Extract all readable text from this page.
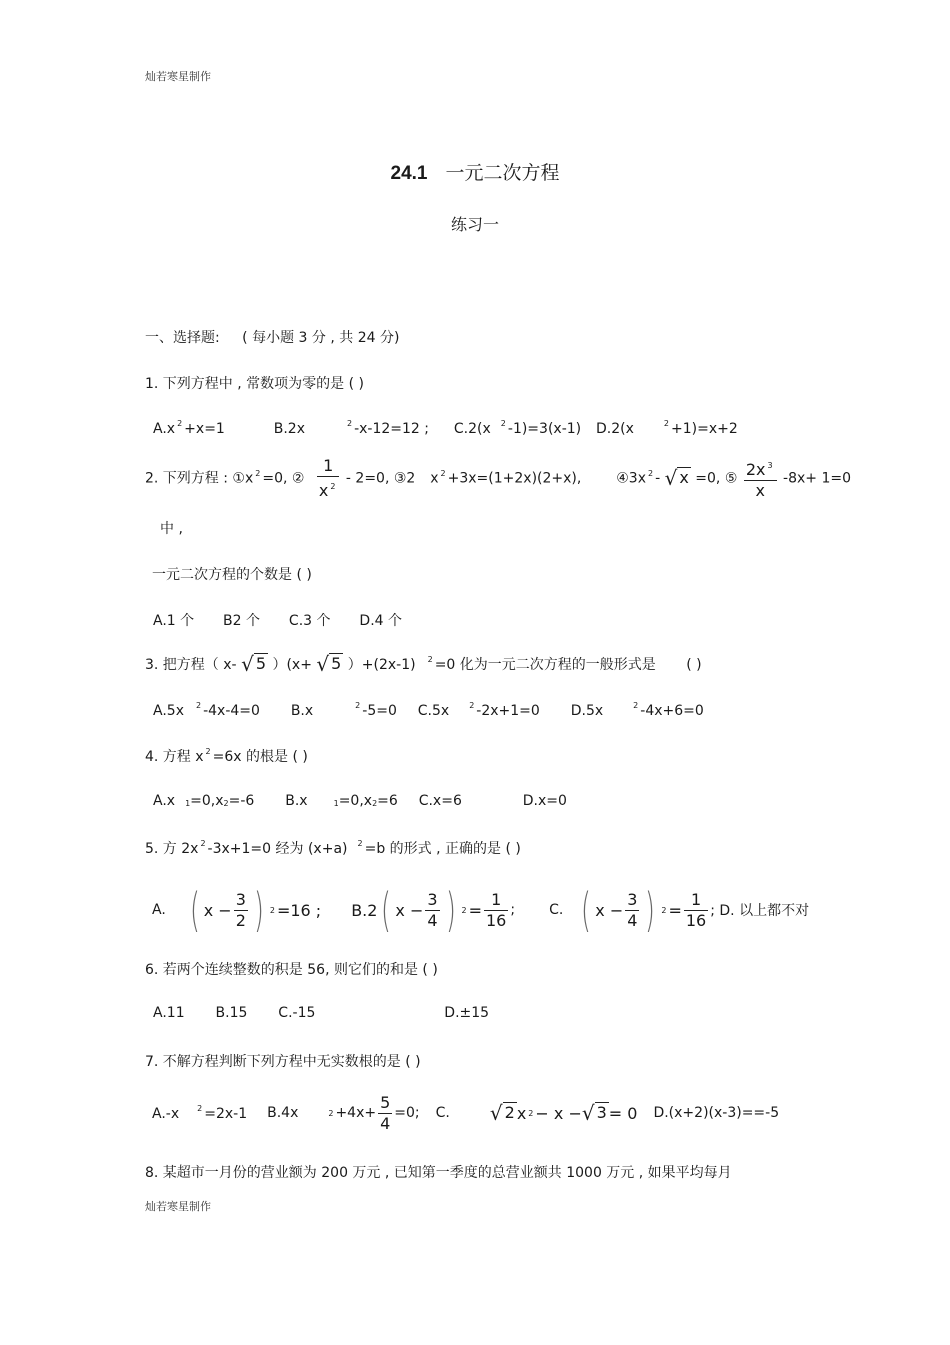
灿若寒星制作
24.1 一元二次方程
练习一
一、选择题: ( 每小题 3 分 , 共 24 分)
1. 下列方程中 , 常数项为零的是 ( )
A.x $^2$ +x=1	B.2x	$^2$ -x-12=12 ; C.2(x $^2$ -1)=3(x-1) D.2(x	$^2$ +1)=x+2
2. 下列方程 : ①x $^2$ =0, ② $\frac{1}{x ^2} - 2=0$, ③2 x $^2$ +3x=(1+2x)(2+x), ④3x $^2$ - √ x =0, ⑤ $\frac{2x ^3}{x} -8x+ 1=0$
中 ,
一元二次方程的个数是 ( )
A.1 个 B2 个 C.3 个 D.4 个
3. 把方程（ x- √ 5 ）(x+ √ 5 ）+(2x-1) $^2$ =0 化为一元二次方程的一般形式是 ( )
A.5x $^2$ -4x-4=0 B.x	$^2$ -5=0 C.5x	$^2$ -2x+1=0 D.5x	$^2$ -4x+6=0
4. 方程 x $^2$ =6x 的根是 ( )
A.x $_1=0,x_2=-6$ B.x	$_1=0,x_2=6$ C.x=6	D.x=0
5. 方 2x $^2$ -3x+1=0 经为 (x+a) $^2$ =b 的形式 , 正确的是 ( )
A. ( $x - \frac{3}{2}$ ) 2 =16 ; B.2 ( $x - \frac{3}{4}$ ) $2 = \frac{1}{16}$ ; C. ( $x - \frac{3}{4}$ ) $2 = \frac{1}{16}$ ; D. 以上都不对
6. 若两个连续整数的积是 56, 则它们的和是 ( )
A.11 B.15 C.-15	D.±15
7. 不解方程判断下列方程中无实数根的是 ( )
A.-x $^2$ =2x-1 B.4x	$2 +4x+ \frac{5}{4} =0$; C. √ 2 x 2 − x − √ 3 = 0 D.(x+2)(x-3)==-5
8. 某超市一月份的营业额为 200 万元 , 已知第一季度的总营业额共 1000 万元 , 如果平均每月
灿若寒星制作
